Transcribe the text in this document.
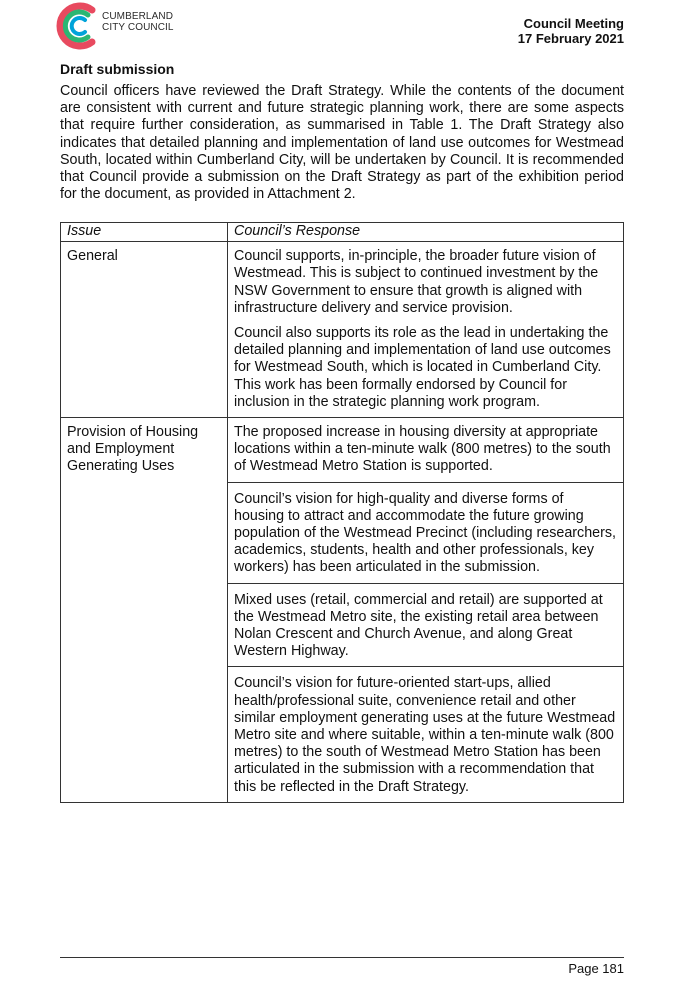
CUMBERLAND
CITY COUNCIL	Council Meeting
17 February 2021
Draft submission

Council officers have reviewed the Draft Strategy. While the contents of the document are consistent with current and future strategic planning work, there are some aspects that require further consideration, as summarised in Table 1. The Draft Strategy also indicates that detailed planning and implementation of land use outcomes for Westmead South, located within Cumberland City, will be undertaken by Council. It is recommended that Council provide a submission on the Draft Strategy as part of the exhibition period for the document, as provided in Attachment 2.

Issue	Council’s Response

General	Council supports, in-principle, the broader future vision of Westmead. This is subject to continued investment by the NSW Government to ensure that growth is aligned with infrastructure delivery and service provision.

Council also supports its role as the lead in undertaking the detailed planning and implementation of land use outcomes for Westmead South, which is located in Cumberland City. This work has been formally endorsed by Council for inclusion in the strategic planning work program.

Provision of Housing and Employment Generating Uses	The proposed increase in housing diversity at appropriate locations within a ten-minute walk (800 metres) to the south of Westmead Metro Station is supported.
Council’s vision for high-quality and diverse forms of housing to attract and accommodate the future growing population of the Westmead Precinct (including researchers, academics, students, health and other professionals, key workers) has been articulated in the submission.
Mixed uses (retail, commercial and retail) are supported at the Westmead Metro site, the existing retail area between Nolan Crescent and Church Avenue, and along Great Western Highway.
Council’s vision for future-oriented start-ups, allied health/professional suite, convenience retail and other similar employment generating uses at the future Westmead Metro site and where suitable, within a ten-minute walk (800 metres) to the south of Westmead Metro Station has been articulated in the submission with a recommendation that this be reflected in the Draft Strategy.
Page 181
